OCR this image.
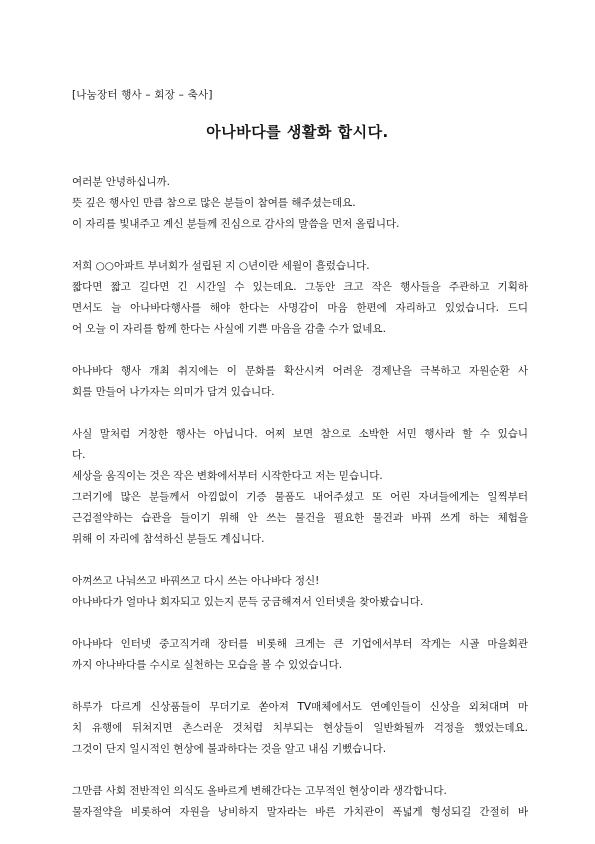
[나눔장터 행사 – 회장 – 축사]
아나바다를 생활화 합시다.
여러분 안녕하십니까.
뜻 깊은 행사인 만큼 참으로 많은 분들이 참여를 해주셨는데요.
이 자리를 빛내주고 계신 분들께 진심으로 감사의 말씀을 먼저 올립니다.
저희 ○○아파트 부녀회가 설립된 지 ○년이란 세월이 흘렀습니다.
짧다면 짧고 길다면 긴 시간일 수 있는데요. 그동안 크고 작은 행사들을 주관하고 기획하
면서도 늘 아나바다행사를 해야 한다는 사명감이 마음 한편에 자리하고 있었습니다. 드디
어 오늘 이 자리를 함께 한다는 사실에 기쁜 마음을 감출 수가 없네요.
아나바다 행사 개최 취지에는 이 문화를 확산시켜 어려운 경제난을 극복하고 자원순환 사
회를 만들어 나가자는 의미가 담겨 있습니다.
사실 말처럼 거창한 행사는 아닙니다. 어찌 보면 참으로 소박한 서민 행사라 할 수 있습니
다.
세상을 움직이는 것은 작은 변화에서부터 시작한다고 저는 믿습니다.
그러기에 많은 분들께서 아낌없이 기증 물품도 내어주셨고 또 어린 자녀들에게는 일찍부터
근검절약하는 습관을 들이기 위해 안 쓰는 물건을 필요한 물건과 바꿔 쓰게 하는 체험을
위해 이 자리에 참석하신 분들도 계십니다.
아껴쓰고 나눠쓰고 바꿔쓰고 다시 쓰는 아나바다 정신!
아나바다가 얼마나 회자되고 있는지 문득 궁금해져서 인터넷을 찾아봤습니다.
아나바다 인터넷 중고직거래 장터를 비롯해 크게는 큰 기업에서부터 작게는 시골 마을회관
까지 아나바다를 수시로 실천하는 모습을 볼 수 있었습니다.
하루가 다르게 신상품들이 무더기로 쏟아져 TV매체에서도 연예인들이 신상을 외쳐대며 마
치 유행에 뒤쳐지면 촌스러운 것처럼 치부되는 현상들이 일반화될까 걱정을 했었는데요.
그것이 단지 일시적인 현상에 불과하다는 것을 알고 내심 기뻤습니다.
그만큼 사회 전반적인 의식도 올바르게 변해간다는 고무적인 현상이라 생각합니다.
물자절약을 비롯하여 자원을 낭비하지 말자라는 바른 가치관이 폭넓게 형성되길 간절히 바
